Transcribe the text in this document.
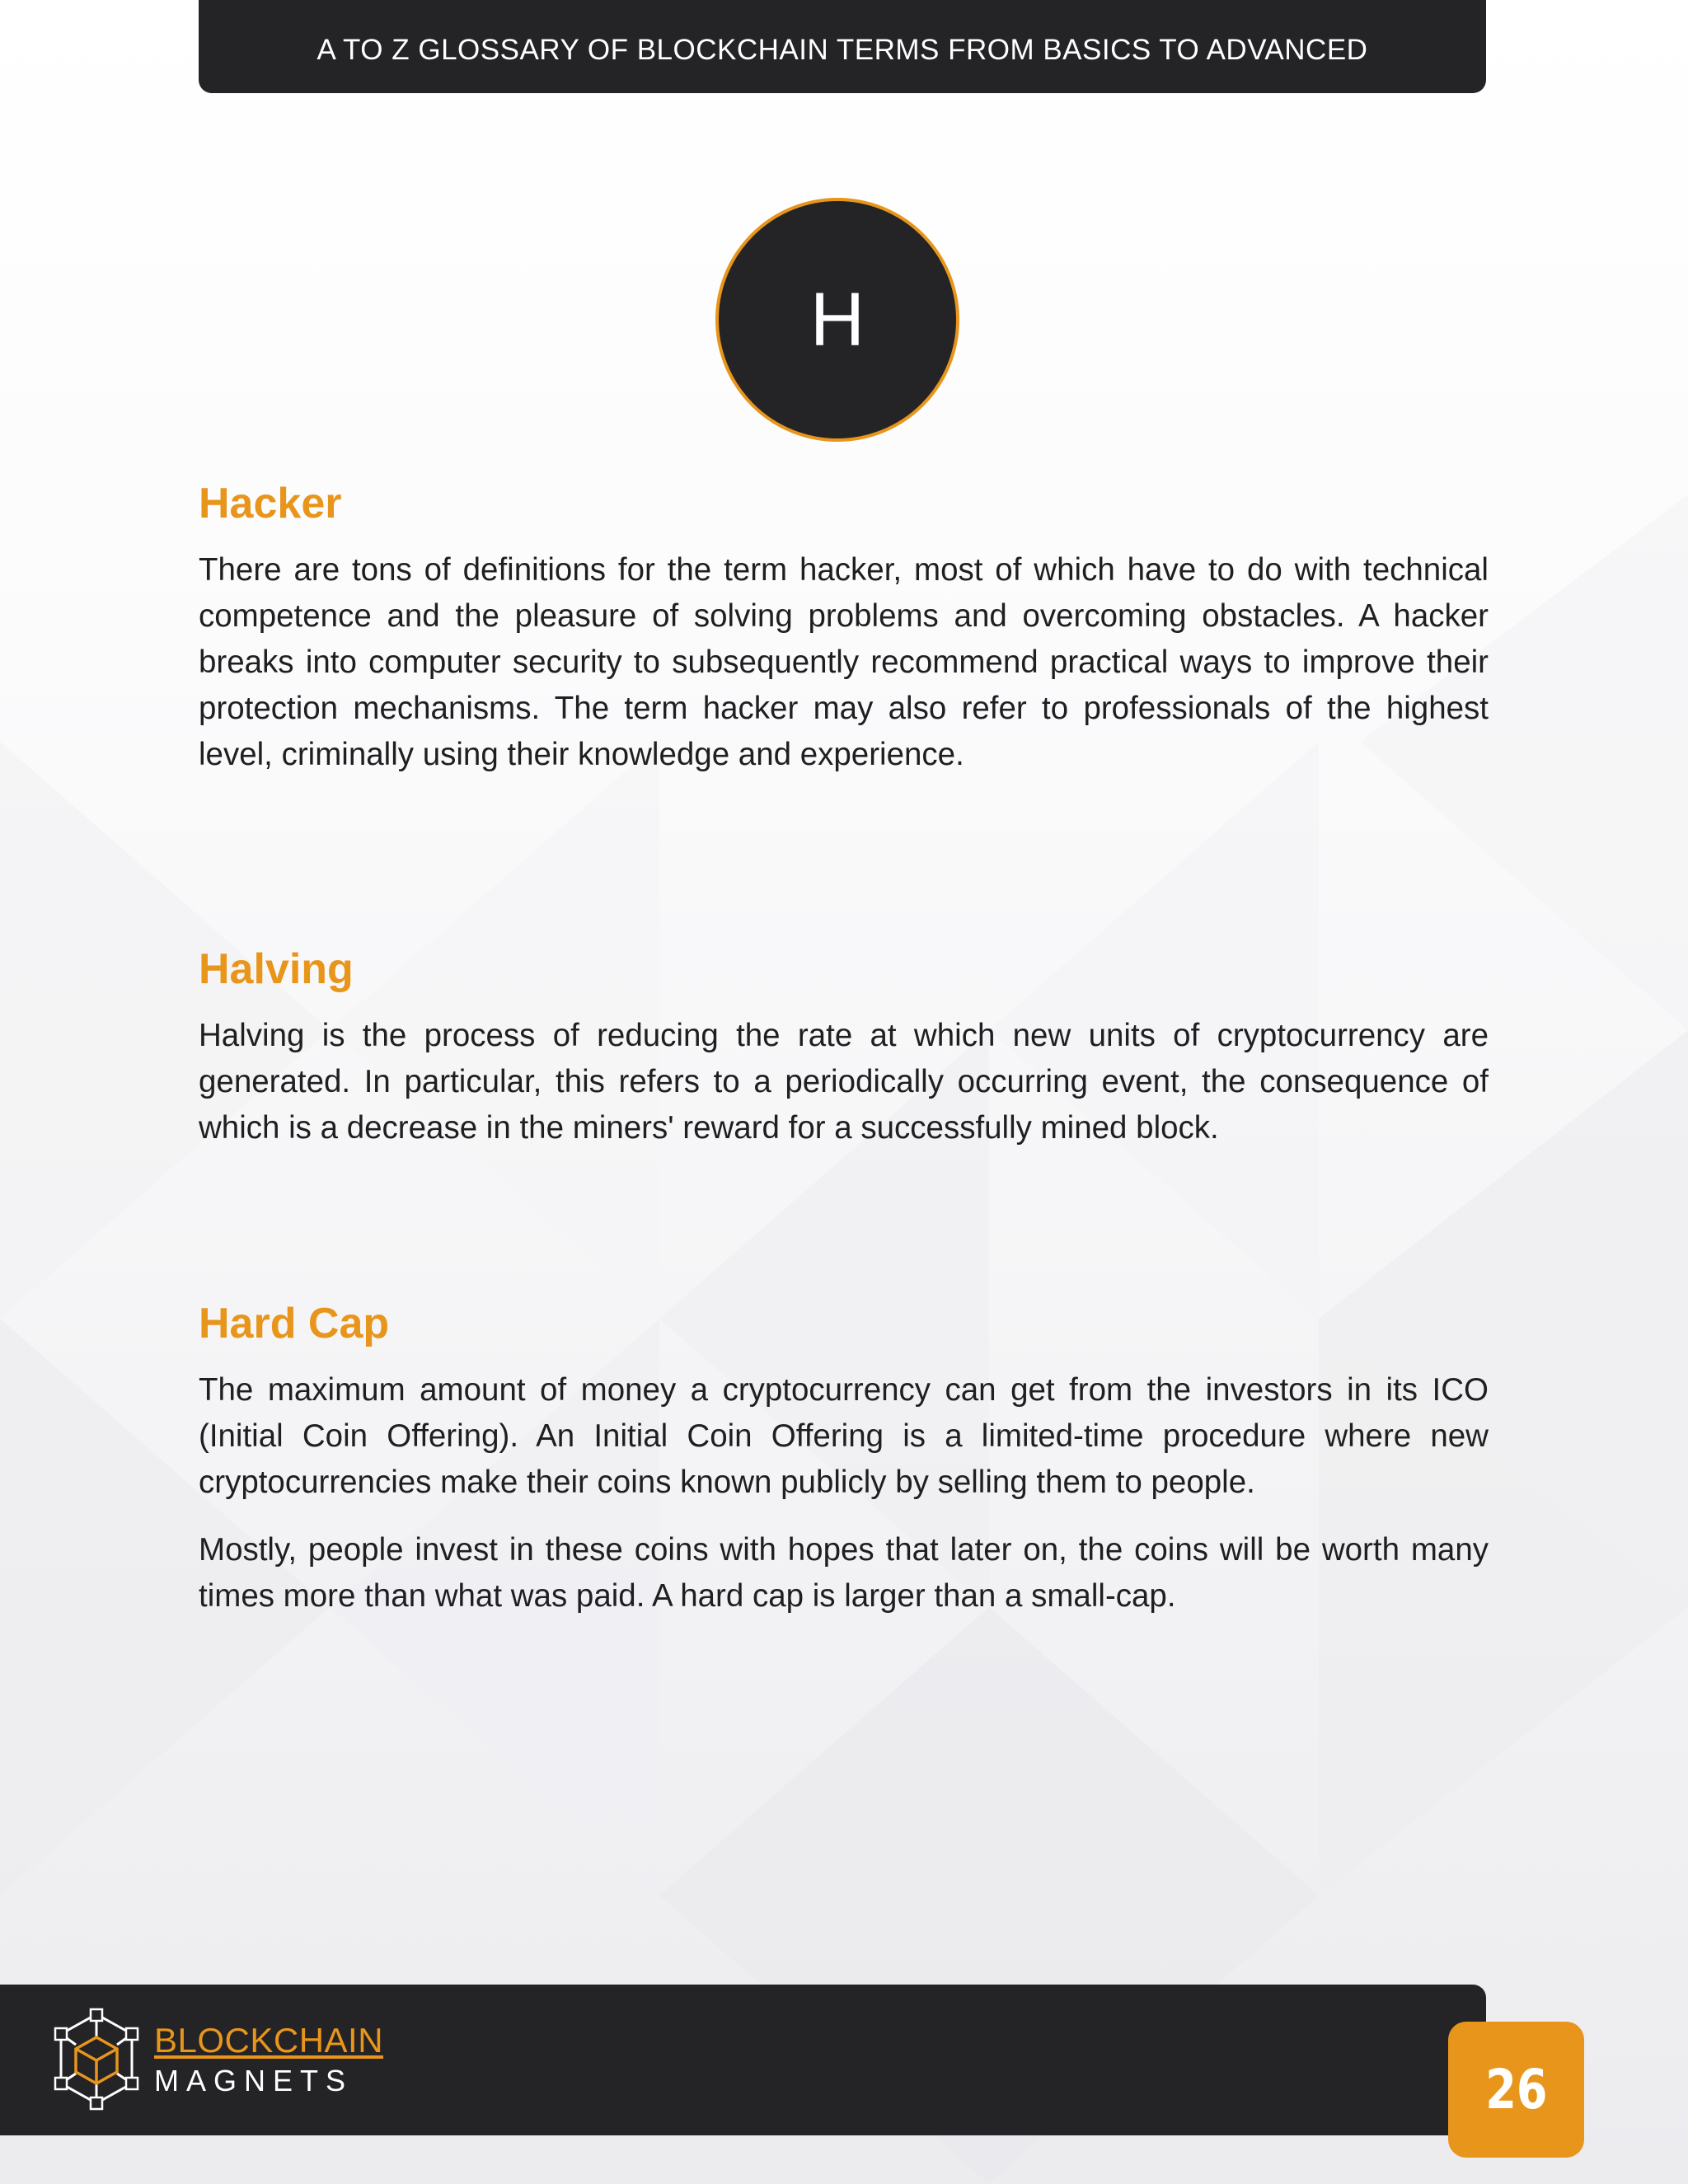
A TO Z GLOSSARY OF BLOCKCHAIN TERMS FROM BASICS TO ADVANCED
H
Hacker

There are tons of definitions for the term hacker, most of which have to do with technical competence and the pleasure of solving problems and overcoming obstacles. A hacker breaks into computer security to subsequently recommend practical ways to improve their protection mechanisms. The term hacker may also refer to professionals of the highest level, criminally using their knowledge and experience.

Halving

Halving is the process of reducing the rate at which new units of cryptocurrency are generated. In particular, this refers to a periodically occurring event, the consequence of which is a decrease in the miners' reward for a successfully mined block.

Hard Cap

The maximum amount of money a cryptocurrency can get from the investors in its ICO (Initial Coin Offering). An Initial Coin Offering is a limited-time procedure where new cryptocurrencies make their coins known publicly by selling them to people.

Mostly, people invest in these coins with hopes that later on, the coins will be worth many times more than what was paid. A hard cap is larger than a small-cap.

BLOCKCHAIN
MAGNETS	26
